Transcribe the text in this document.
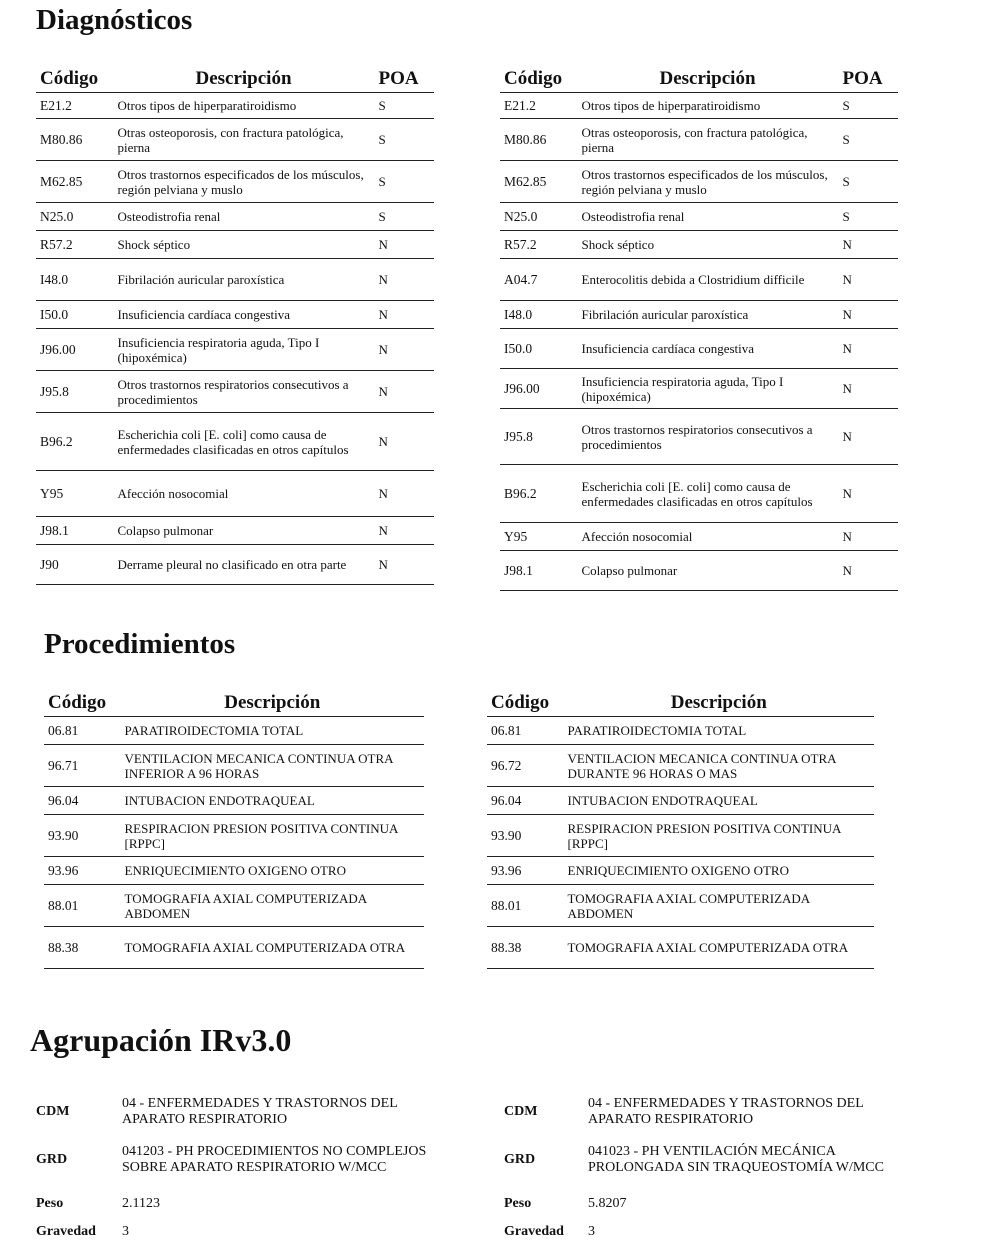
Diagnósticos
Código	Descripción	POA
E21.2	Otros tipos de hiperparatiroidismo	S
M80.86	Otras osteoporosis, con fractura patológica, pierna	S
M62.85	Otros trastornos especificados de los músculos, región pelviana y muslo	S
N25.0	Osteodistrofia renal	S
R57.2	Shock séptico	N
I48.0	Fibrilación auricular paroxística	N
I50.0	Insuficiencia cardíaca congestiva	N
J96.00	Insuficiencia respiratoria aguda, Tipo I (hipoxémica)	N
J95.8	Otros trastornos respiratorios consecutivos a procedimientos	N
B96.2	Escherichia coli [E. coli] como causa de enfermedades clasificadas en otros capítulos	N
Y95	Afección nosocomial	N
J98.1	Colapso pulmonar	N
J90	Derrame pleural no clasificado en otra parte	N
Código	Descripción	POA
E21.2	Otros tipos de hiperparatiroidismo	S
M80.86	Otras osteoporosis, con fractura patológica, pierna	S
M62.85	Otros trastornos especificados de los músculos, región pelviana y muslo	S
N25.0	Osteodistrofia renal	S
R57.2	Shock séptico	N
A04.7	Enterocolitis debida a Clostridium difficile	N
I48.0	Fibrilación auricular paroxística	N
I50.0	Insuficiencia cardíaca congestiva	N
J96.00	Insuficiencia respiratoria aguda, Tipo I (hipoxémica)	N
J95.8	Otros trastornos respiratorios consecutivos a procedimientos	N
B96.2	Escherichia coli [E. coli] como causa de enfermedades clasificadas en otros capítulos	N
Y95	Afección nosocomial	N
J98.1	Colapso pulmonar	N
Procedimientos
Código	Descripción
06.81	PARATIROIDECTOMIA TOTAL
96.71	VENTILACION MECANICA CONTINUA OTRA INFERIOR A 96 HORAS
96.04	INTUBACION ENDOTRAQUEAL
93.90	RESPIRACION PRESION POSITIVA CONTINUA [RPPC]
93.96	ENRIQUECIMIENTO OXIGENO OTRO
88.01	TOMOGRAFIA AXIAL COMPUTERIZADA ABDOMEN
88.38	TOMOGRAFIA AXIAL COMPUTERIZADA OTRA
Código	Descripción
06.81	PARATIROIDECTOMIA TOTAL
96.72	VENTILACION MECANICA CONTINUA OTRA DURANTE 96 HORAS O MAS
96.04	INTUBACION ENDOTRAQUEAL
93.90	RESPIRACION PRESION POSITIVA CONTINUA [RPPC]
93.96	ENRIQUECIMIENTO OXIGENO OTRO
88.01	TOMOGRAFIA AXIAL COMPUTERIZADA ABDOMEN
88.38	TOMOGRAFIA AXIAL COMPUTERIZADA OTRA
Agrupación IRv3.0
CDM	04 - ENFERMEDADES Y TRASTORNOS DEL APARATO RESPIRATORIO
GRD	041203 - PH PROCEDIMIENTOS NO COMPLEJOS SOBRE APARATO RESPIRATORIO W/MCC
Peso	2.1123
Gravedad	3
CDM	04 - ENFERMEDADES Y TRASTORNOS DEL APARATO RESPIRATORIO
GRD	041023 - PH VENTILACIÓN MECÁNICA PROLONGADA SIN TRAQUEOSTOMÍA W/MCC
Peso	5.8207
Gravedad	3
